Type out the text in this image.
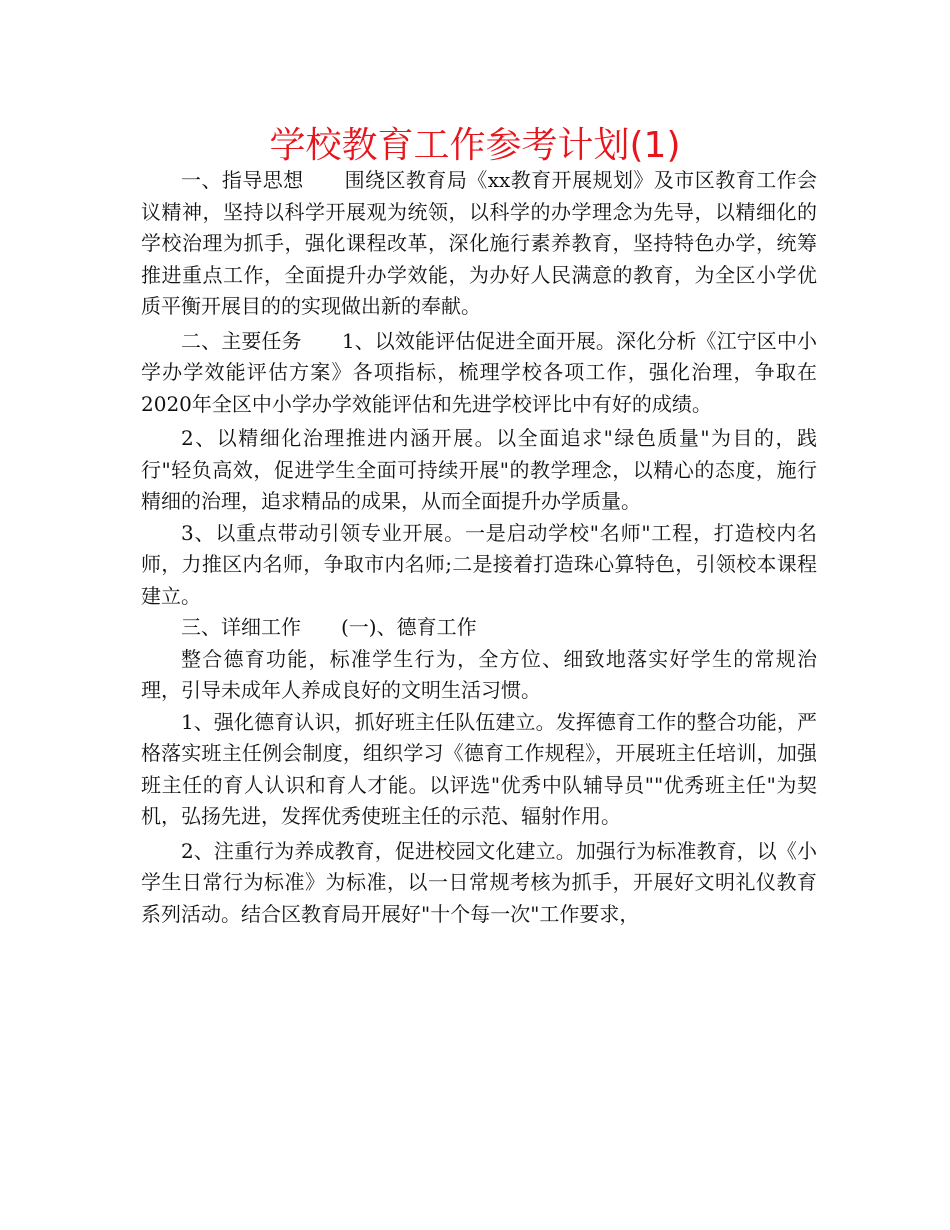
学校教育工作参考计划(1)

一、指导思想　　围绕区教育局《xx教育开展规划》及市区教育工作会议精神，坚持以科学开展观为统领，以科学的办学理念为先导，以精细化的学校治理为抓手，强化课程改革，深化施行素养教育，坚持特色办学，统筹推进重点工作，全面提升办学效能，为办好人民满意的教育，为全区小学优质平衡开展目的的实现做出新的奉献。

二、主要任务　　1、以效能评估促进全面开展。深化分析《江宁区中小学办学效能评估方案》各项指标，梳理学校各项工作，强化治理，争取在2020年全区中小学办学效能评估和先进学校评比中有好的成绩。

2、以精细化治理推进内涵开展。以全面追求"绿色质量"为目的，践行"轻负高效，促进学生全面可持续开展"的教学理念，以精心的态度，施行精细的治理，追求精品的成果，从而全面提升办学质量。

3、以重点带动引领专业开展。一是启动学校"名师"工程，打造校内名师，力推区内名师，争取市内名师;二是接着打造珠心算特色，引领校本课程建立。

三、详细工作　　(一)、德育工作

整合德育功能，标准学生行为，全方位、细致地落实好学生的常规治理，引导未成年人养成良好的文明生活习惯。

1、强化德育认识，抓好班主任队伍建立。发挥德育工作的整合功能，严格落实班主任例会制度，组织学习《德育工作规程》，开展班主任培训，加强班主任的育人认识和育人才能。以评选"优秀中队辅导员""优秀班主任"为契机，弘扬先进，发挥优秀使班主任的示范、辐射作用。

2、注重行为养成教育，促进校园文化建立。加强行为标准教育，以《小学生日常行为标准》为标准，以一日常规考核为抓手，开展好文明礼仪教育系列活动。结合区教育局开展好"十个每一次"工作要求，
